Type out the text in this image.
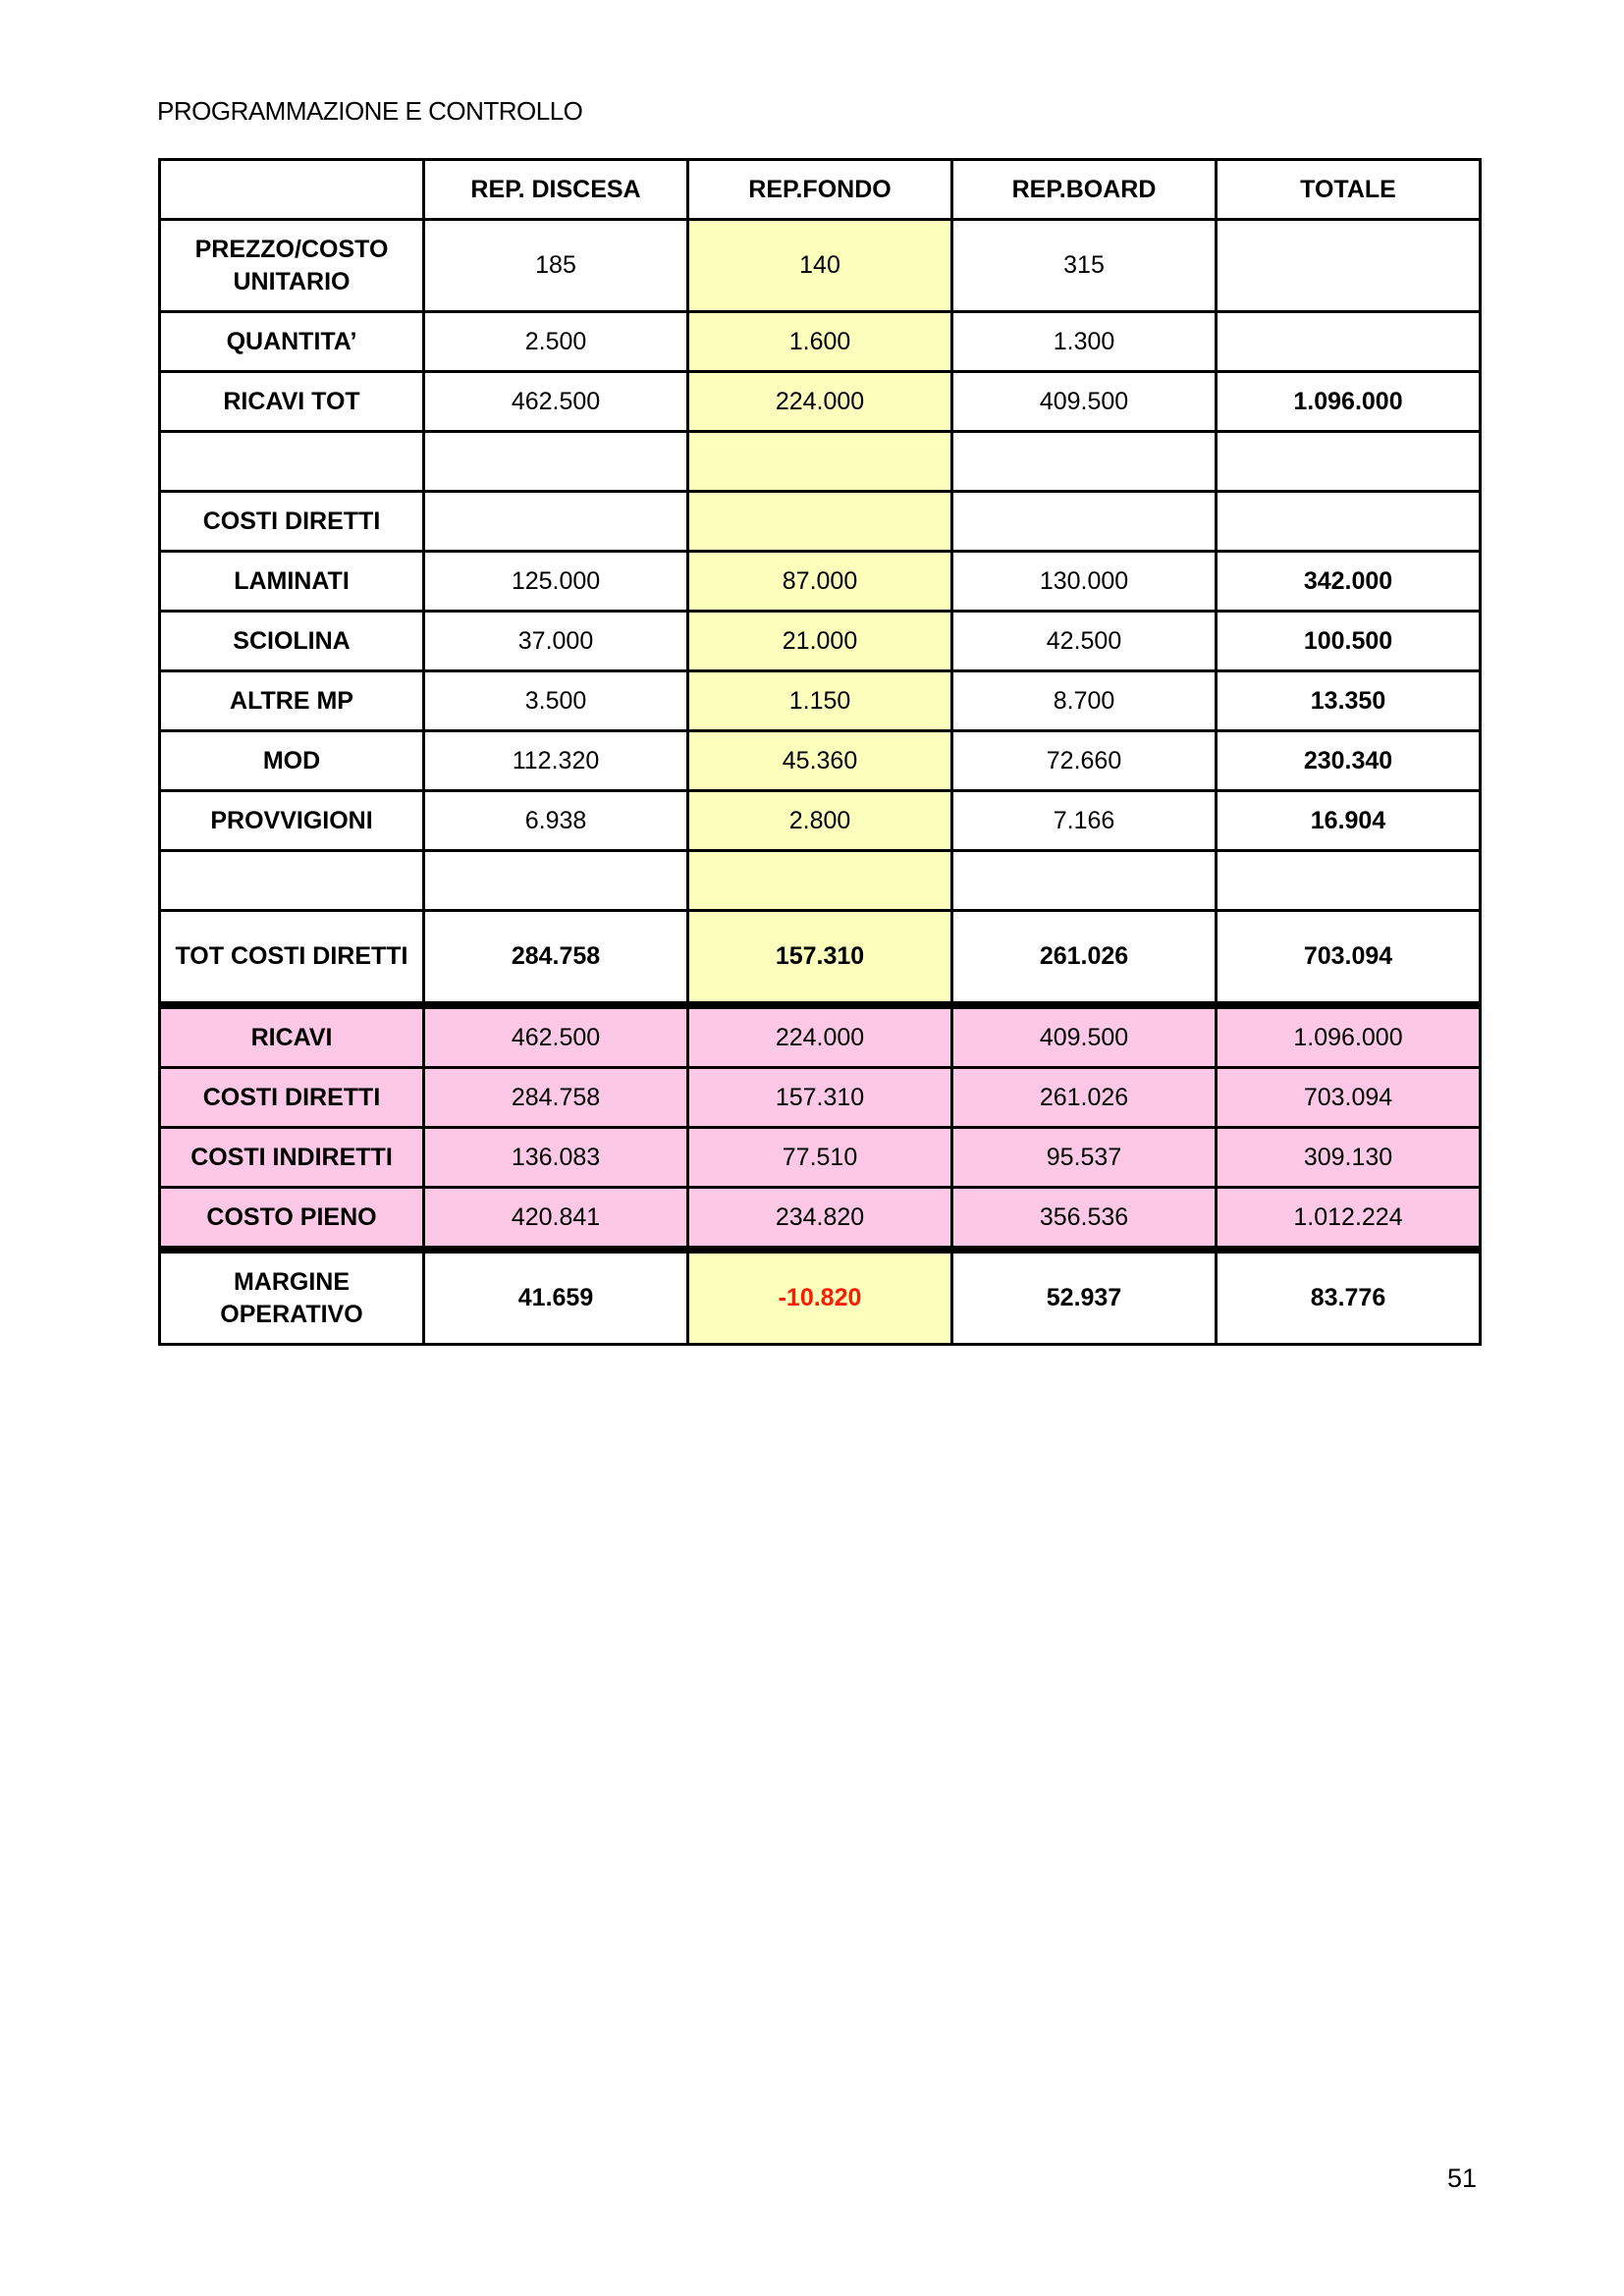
PROGRAMMAZIONE E CONTROLLO
	REP. DISCESA	REP.FONDO	REP.BOARD	TOTALE
PREZZO/COSTO UNITARIO	185	140	315	
QUANTITA’	2.500	1.600	1.300	
RICAVI TOT	462.500	224.000	409.500	1.096.000

COSTI DIRETTI				
LAMINATI	125.000	87.000	130.000	342.000
SCIOLINA	37.000	21.000	42.500	100.500
ALTRE MP	3.500	1.150	8.700	13.350
MOD	112.320	45.360	72.660	230.340
PROVVIGIONI	6.938	2.800	7.166	16.904

TOT COSTI DIRETTI	284.758	157.310	261.026	703.094
RICAVI	462.500	224.000	409.500	1.096.000
COSTI DIRETTI	284.758	157.310	261.026	703.094
COSTI INDIRETTI	136.083	77.510	95.537	309.130
COSTO PIENO	420.841	234.820	356.536	1.012.224
MARGINE OPERATIVO	41.659	-10.820	52.937	83.776
51
